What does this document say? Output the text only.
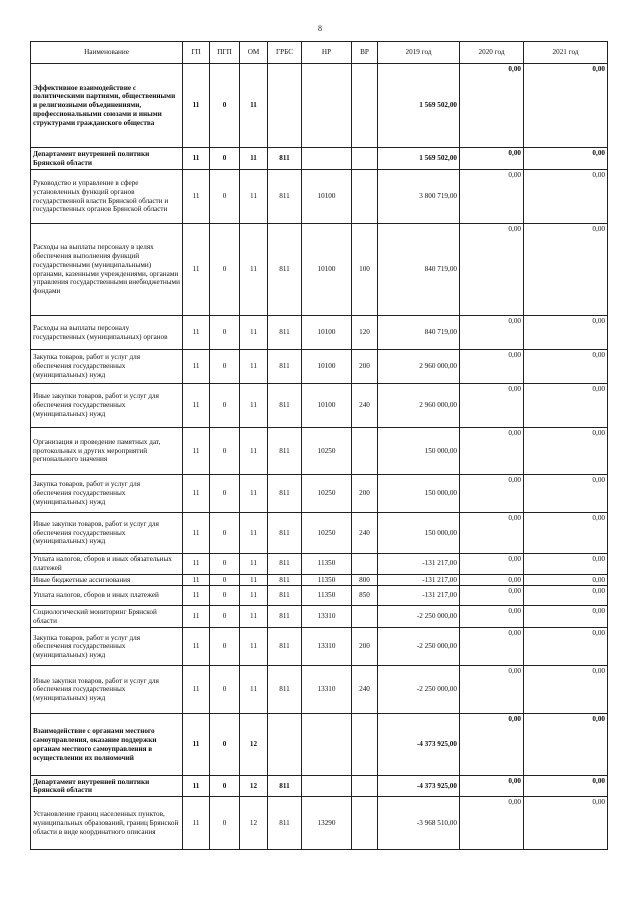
8
Наименование	ГП	ПГП	ОМ	ГРБС	НР	ВР	2019 год	2020 год	2021 год
Эффективное взаимодействие с политическими партиями, общественными и религиозными объединениями, профессиональными союзами и иными структурами гражданского общества	11	0	11				1 569 502,00	0,00	0,00
Департамент внутренней политики Брянской области	11	0	11	811			1 569 502,00	0,00	0,00
Руководство и управление в сфере установленных функций органов государственной власти Брянской области и государственных органов Брянской области	11	0	11	811	10100		3 800 719,00	0,00	0,00
Расходы на выплаты персоналу в целях обеспечения выполнения функций государственными (муниципальными) органами, казенными учреждениями, органами управления государственными внебюджетными фондами	11	0	11	811	10100	100	840 719,00	0,00	0,00
Расходы на выплаты персоналу государственных (муниципальных) органов	11	0	11	811	10100	120	840 719,00	0,00	0,00
Закупка товаров, работ и услуг для обеспечения государственных (муниципальных) нужд	11	0	11	811	10100	200	2 960 000,00	0,00	0,00
Иные закупки товаров, работ и услуг для обеспечения государственных (муниципальных) нужд	11	0	11	811	10100	240	2 960 000,00	0,00	0,00
Организация и проведение памятных дат, протокольных и других мероприятий регионального значения	11	0	11	811	10250		150 000,00	0,00	0,00
Закупка товаров, работ и услуг для обеспечения государственных (муниципальных) нужд	11	0	11	811	10250	200	150 000,00	0,00	0,00
Иные закупки товаров, работ и услуг для обеспечения государственных (муниципальных) нужд	11	0	11	811	10250	240	150 000,00	0,00	0,00
Уплата налогов, сборов и иных обязательных платежей	11	0	11	811	11350		-131 217,00	0,00	0,00
Иные бюджетные ассигнования	11	0	11	811	11350	800	-131 217,00	0,00	0,00
Уплата налогов, сборов и иных платежей	11	0	11	811	11350	850	-131 217,00	0,00	0,00
Социологический мониторинг Брянской области	11	0	11	811	13310		-2 250 000,00	0,00	0,00
Закупка товаров, работ и услуг для обеспечения государственных (муниципальных) нужд	11	0	11	811	13310	200	-2 250 000,00	0,00	0,00
Иные закупки товаров, работ и услуг для обеспечения государственных (муниципальных) нужд	11	0	11	811	13310	240	-2 250 000,00	0,00	0,00
Взаимодействие с органами местного самоуправления, оказание поддержки органам местного самоуправления в осуществлении их полномочий	11	0	12				-4 373 925,00	0,00	0,00
Департамент внутренней политики Брянской области	11	0	12	811			-4 373 925,00	0,00	0,00
Установление границ населенных пунктов, муниципальных образований, границ Брянской области в виде координатного описания	11	0	12	811	13290		-3 968 510,00	0,00	0,00
